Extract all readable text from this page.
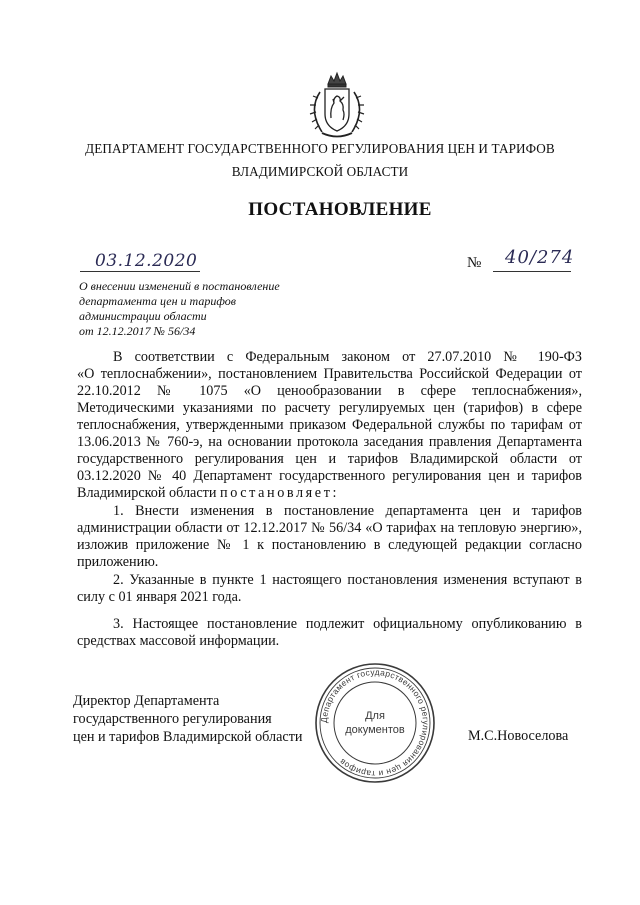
ДЕПАРТАМЕНТ ГОСУДАРСТВЕННОГО РЕГУЛИРОВАНИЯ ЦЕН И ТАРИФОВ
ВЛАДИМИРСКОЙ ОБЛАСТИ
ПОСТАНОВЛЕНИЕ
03.12.2020	№ 40/274
О внесении изменений в постановление
департамента цен и тарифов
администрации области
от 12.12.2017 № 56/34
В соответствии с Федеральным законом от 27.07.2010 № 190-ФЗ
«О теплоснабжении», постановлением Правительства Российской Федерации от
22.10.2012 № 1075 «О ценообразовании в сфере теплоснабжения»,
Методическими указаниями по расчету регулируемых цен (тарифов) в сфере
теплоснабжения, утвержденными приказом Федеральной службы по тарифам от
13.06.2013 № 760-э, на основании протокола заседания правления Департамента
государственного регулирования цен и тарифов Владимирской области от
03.12.2020 № 40 Департамент государственного регулирования цен и тарифов
Владимирской области постановляет:
1. Внести изменения в постановление департамента цен и тарифов
администрации области от 12.12.2017 № 56/34 «О тарифах на тепловую энергию»,
изложив приложение № 1 к постановлению в следующей редакции согласно
приложению.
2. Указанные в пункте 1 настоящего постановления изменения вступают в
силу с 01 января 2021 года.
3. Настоящее постановление подлежит официальному опубликованию в
средствах массовой информации.
Директор Департамента
государственного регулирования
цен и тарифов Владимирской области
Департамент государственного регулирования цен и тарифов
Для
документов	М.С.Новоселова
